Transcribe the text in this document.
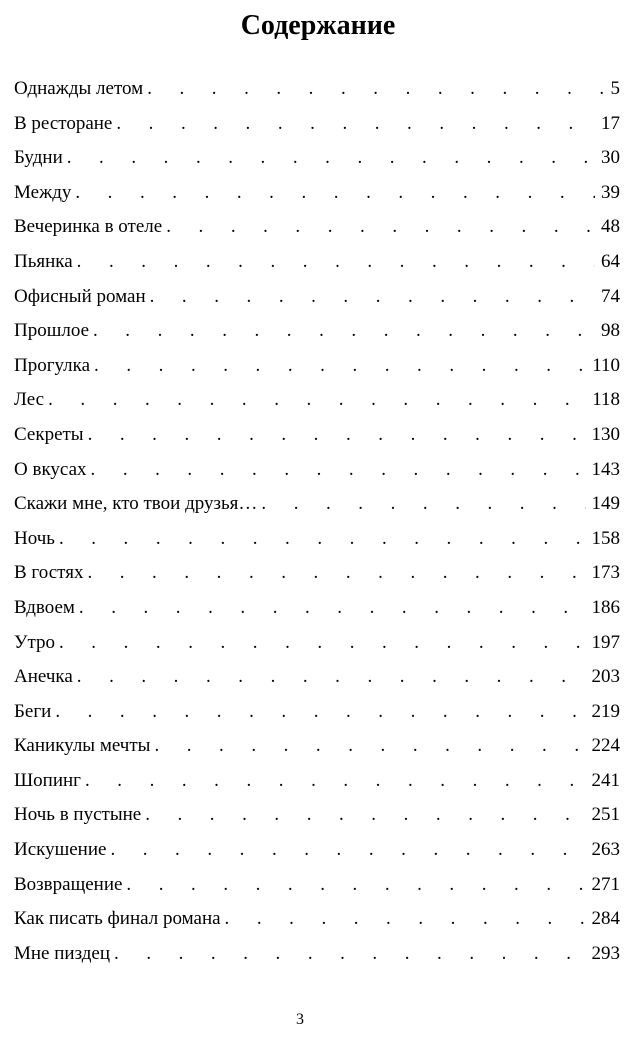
Содержание
Однажды летом . . .	5
В ресторане . . .	17
Будни . . .	30
Между . . .	39
Вечеринка в отеле . . .	48
Пьянка . . .	64
Офисный роман . . .	74
Прошлое . . .	98
Прогулка . . .	110
Лес . . .	118
Секреты . . .	130
О вкусах . . .	143
Скажи мне, кто твои друзья… . . .	149
Ночь . . .	158
В гостях . . .	173
Вдвоем . . .	186
Утро . . .	197
Анечка . . .	203
Беги . . .	219
Каникулы мечты . . .	224
Шопинг . . .	241
Ночь в пустыне . . .	251
Искушение . . .	263
Возвращение . . .	271
Как писать финал романа . . .	284
Мне пиздец . . .	293
3
